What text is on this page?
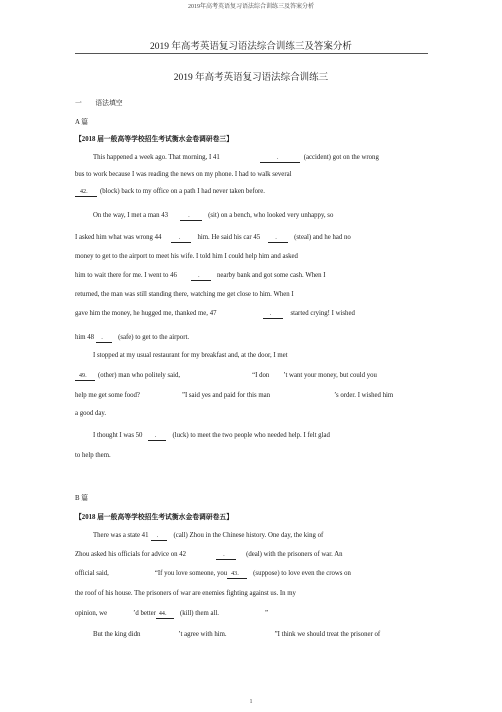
2019年高考英语复习语法综合训练三及答案分析
2019 年高考英语复习语法综合训练三及答案分析
2019 年高考英语复习语法综合训练三
一　　语法填空
A 篇
【2018 届一般高等学校招生考试衡水金卷调研卷三】
This happened a week ago. That morning, I 41	．	(accident) got on the wrong
bus to work because I was reading the news on my phone. I had to walk several
42． (block) back to my office on a path I had never taken before.
On the way, I met a man 43	． (sit) on a bench, who looked very unhappy, so
I asked him what was wrong 44	． him. He said his car 45 ． (steal) and he had no
money to get to the airport to meet his wife. I told him I could help him and asked
him to wait there for me. I went to 46	． nearby bank and got some cash. When I
returned, the man was still standing there, watching me get close to him. When I
gave him the money, he hugged me, thanked me, 47	． started crying! I wished
him 48 ． (safe) to get to the airport.
I stopped at my usual restaurant for my breakfast and, at the door, I met
49． (other) man who politely said,	“I don ’t want your money, but could you
help me get some food?	”I said yes and paid for this man	’s order. I wished him
a good day.
I thought I was 50 ． (luck) to meet the two people who needed help. I felt glad
to help them.
B 篇
【2018 届一般高等学校招生考试衡水金卷调研卷五】
There was a state 41 ． (call) Zhou in the Chinese history. One day, the king of
Zhou asked his officials for advice on 42	．	(deal) with the prisoners of war. An
official said,	“If you love someone, you 43． (suppose) to love even the crows on
the roof of his house. The prisoners of war are enemies fighting against us. In my
opinion, we	’d better 44． (kill) them all.	”
But the king didn	’t agree with him.	”I think we should treat the prisoner of
1
